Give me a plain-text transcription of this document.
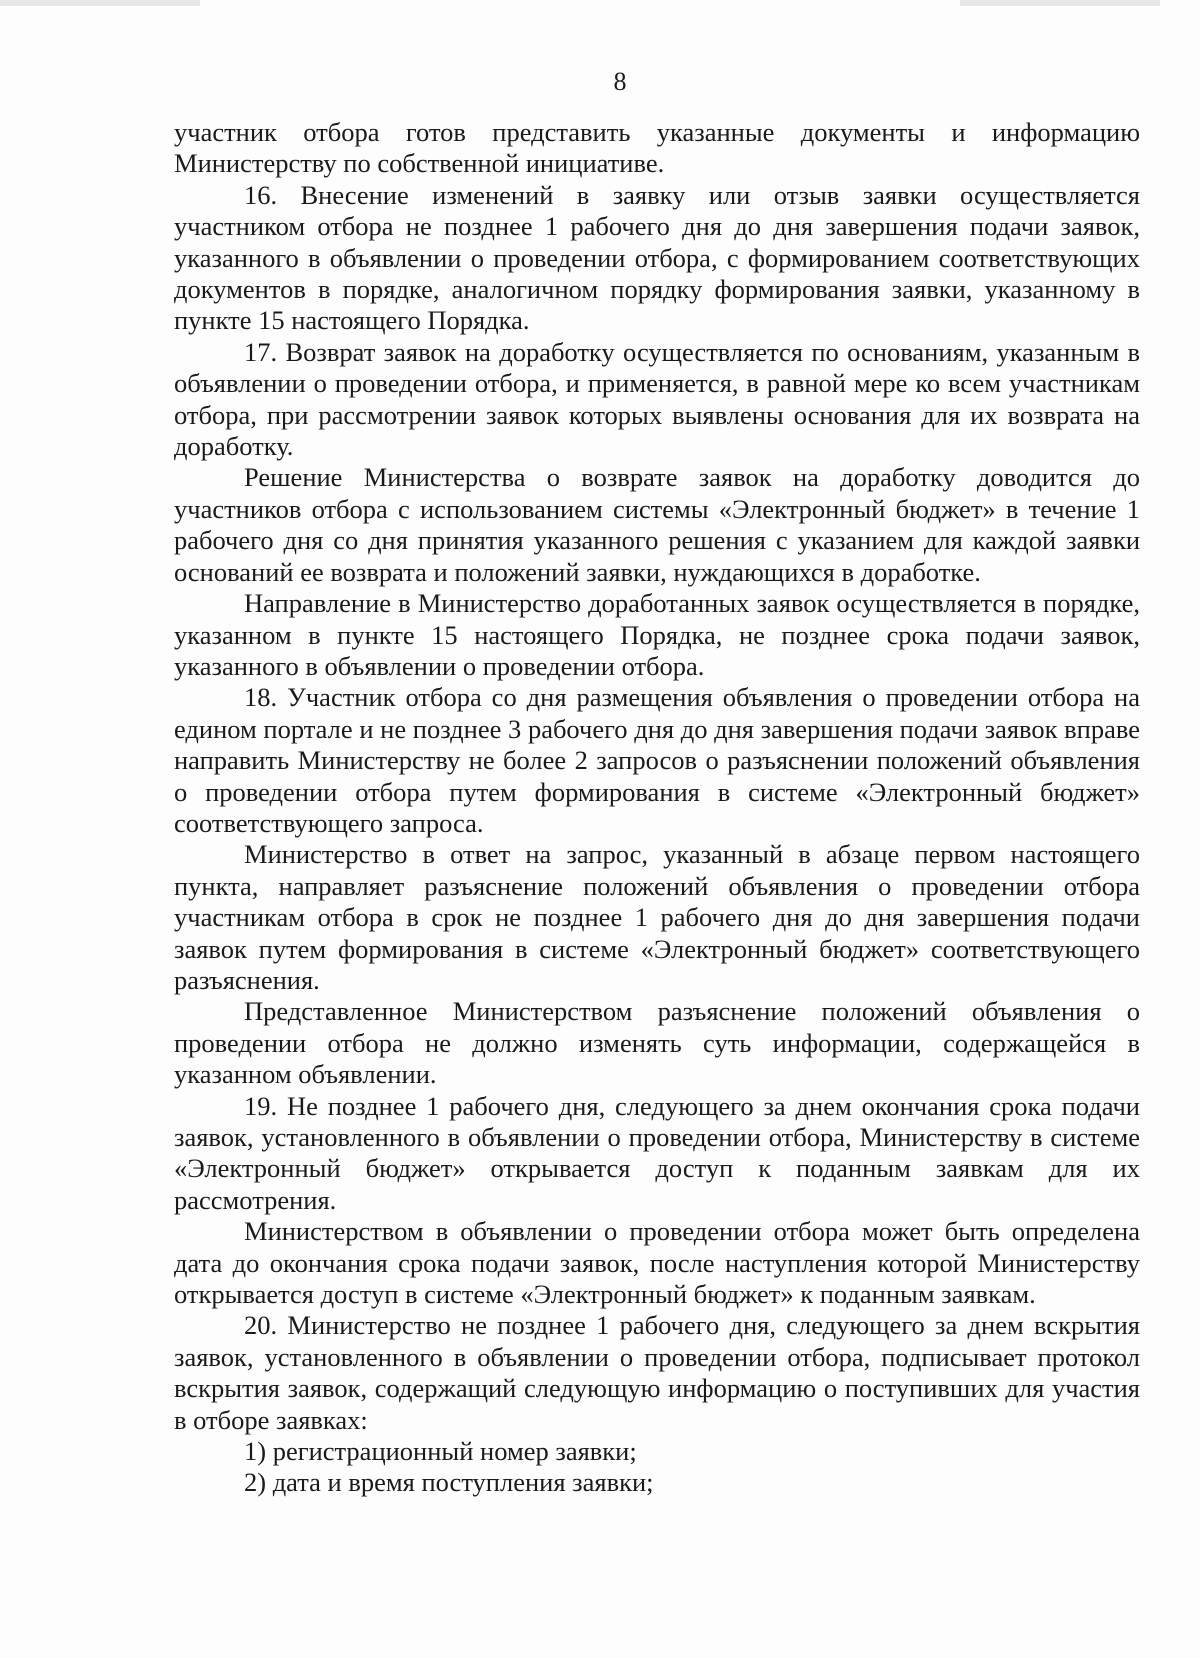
8

участник отбора готов представить указанные документы и информацию Министерству по собственной инициативе.

16. Внесение изменений в заявку или отзыв заявки осуществляется участником отбора не позднее 1 рабочего дня до дня завершения подачи заявок, указанного в объявлении о проведении отбора, с формированием соответствующих документов в порядке, аналогичном порядку формирования заявки, указанному в пункте 15 настоящего Порядка.

17. Возврат заявок на доработку осуществляется по основаниям, указанным в объявлении о проведении отбора, и применяется, в равной мере ко всем участникам отбора, при рассмотрении заявок которых выявлены основания для их возврата на доработку.

Решение Министерства о возврате заявок на доработку доводится до участников отбора с использованием системы «Электронный бюджет» в течение 1 рабочего дня со дня принятия указанного решения с указанием для каждой заявки оснований ее возврата и положений заявки, нуждающихся в доработке.

Направление в Министерство доработанных заявок осуществляется в порядке, указанном в пункте 15 настоящего Порядка, не позднее срока подачи заявок, указанного в объявлении о проведении отбора.

18. Участник отбора со дня размещения объявления о проведении отбора на едином портале и не позднее 3 рабочего дня до дня завершения подачи заявок вправе направить Министерству не более 2 запросов о разъяснении положений объявления о проведении отбора путем формирования в системе «Электронный бюджет» соответствующего запроса.

Министерство в ответ на запрос, указанный в абзаце первом настоящего пункта, направляет разъяснение положений объявления о проведении отбора участникам отбора в срок не позднее 1 рабочего дня до дня завершения подачи заявок путем формирования в системе «Электронный бюджет» соответствующего разъяснения.

Представленное Министерством разъяснение положений объявления о проведении отбора не должно изменять суть информации, содержащейся в указанном объявлении.

19. Не позднее 1 рабочего дня, следующего за днем окончания срока подачи заявок, установленного в объявлении о проведении отбора, Министерству в системе «Электронный бюджет» открывается доступ к поданным заявкам для их рассмотрения.

Министерством в объявлении о проведении отбора может быть определена дата до окончания срока подачи заявок, после наступления которой Министерству открывается доступ в системе «Электронный бюджет» к поданным заявкам.

20. Министерство не позднее 1 рабочего дня, следующего за днем вскрытия заявок, установленного в объявлении о проведении отбора, подписывает протокол вскрытия заявок, содержащий следующую информацию о поступивших для участия в отборе заявках:

1) регистрационный номер заявки;

2) дата и время поступления заявки;
